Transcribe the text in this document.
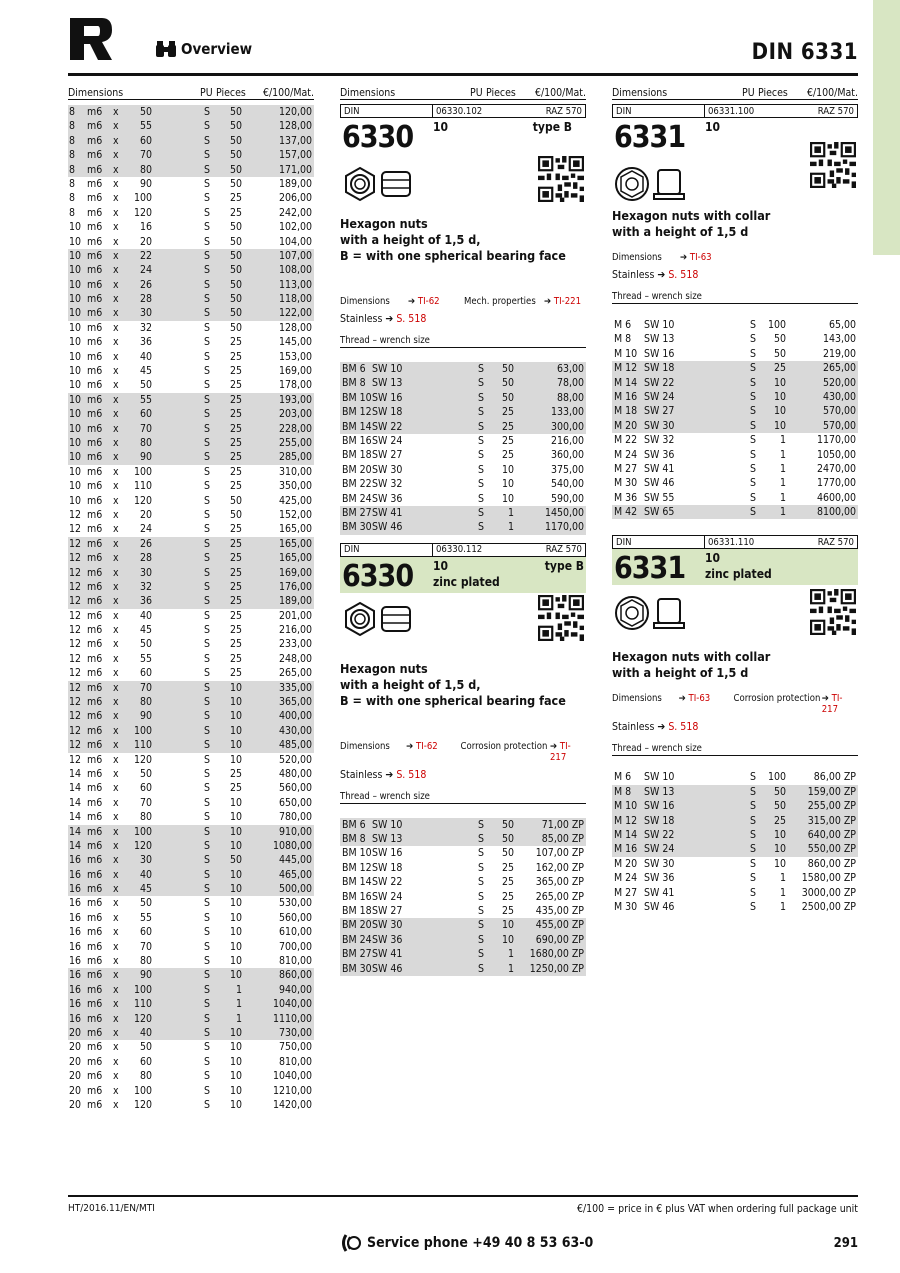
Overview	DIN 6331
Dimensions	PU Pieces €/100/Mat.
8	m6 x	50	S	50	120,00
8	m6 x	55	S	50	128,00
8	m6 x	60	S	50	137,00
8	m6 x	70	S	50	157,00
8	m6 x	80	S	50	171,00
8	m6 x	90	S	50	189,00
8	m6 x	100	S	25	206,00
8	m6 x	120	S	25	242,00
10 m6 x	16	S	50	102,00
10 m6 x	20	S	50	104,00
10 m6 x	22	S	50	107,00
10 m6 x	24	S	50	108,00
10 m6 x	26	S	50	113,00
10 m6 x	28	S	50	118,00
10 m6 x	30	S	50	122,00
10 m6 x	32	S	50	128,00
10 m6 x	36	S	25	145,00
10 m6 x	40	S	25	153,00
10 m6 x	45	S	25	169,00
10 m6 x	50	S	25	178,00
10 m6 x	55	S	25	193,00
10 m6 x	60	S	25	203,00
10 m6 x	70	S	25	228,00
10 m6 x	80	S	25	255,00
10 m6 x	90	S	25	285,00
10 m6 x	100	S	25	310,00
10 m6 x	110	S	25	350,00
10 m6 x	120	S	50	425,00
12 m6 x	20	S	50	152,00
12 m6 x	24	S	25	165,00
12 m6 x	26	S	25	165,00
12 m6 x	28	S	25	165,00
12 m6 x	30	S	25	169,00
12 m6 x	32	S	25	176,00
12 m6 x	36	S	25	189,00
12 m6 x	40	S	25	201,00
12 m6 x	45	S	25	216,00
12 m6 x	50	S	25	233,00
12 m6 x	55	S	25	248,00
12 m6 x	60	S	25	265,00
12 m6 x	70	S	10	335,00
12 m6 x	80	S	10	365,00
12 m6 x	90	S	10	400,00
12 m6 x	100	S	10	430,00
12 m6 x	110	S	10	485,00
12 m6 x	120	S	10	520,00
14 m6 x	50	S	25	480,00
14 m6 x	60	S	25	560,00
14 m6 x	70	S	10	650,00
14 m6 x	80	S	10	780,00
14 m6 x	100	S	10	910,00
14 m6 x	120	S	10	1080,00
16 m6 x	30	S	50	445,00
16 m6 x	40	S	10	465,00
16 m6 x	45	S	10	500,00
16 m6 x	50	S	10	530,00
16 m6 x	55	S	10	560,00
16 m6 x	60	S	10	610,00
16 m6 x	70	S	10	700,00
16 m6 x	80	S	10	810,00
16 m6 x	90	S	10	860,00
16 m6 x	100	S	1	940,00
16 m6 x	110	S	1	1040,00
16 m6 x	120	S	1	1110,00
20 m6 x	40	S	10	730,00
20 m6 x	50	S	10	750,00
20 m6 x	60	S	10	810,00
20 m6 x	80	S	10	1040,00
20 m6 x	100	S	10	1210,00
20 m6 x	120	S	10	1420,00
Dimensions	PU Pieces €/100/Mat.
DIN	06330.102	RAZ 570
6330 10	type B
Hexagon nuts
with a height of 1,5 d,
B = with one spherical bearing face
Dimensions	➔ TI-62	Mech. properties ➔ TI-221
Stainless ➔ S. 518
Thread – wrench size
BM 6 SW 10	S	50	63,00
BM 8 SW 13	S	50	78,00
BM 10 SW 16	S	50	88,00
BM 12 SW 18	S	25	133,00
BM 14 SW 22	S	25	300,00
BM 16 SW 24	S	25	216,00
BM 18 SW 27	S	25	360,00
BM 20 SW 30	S	10	375,00
BM 22 SW 32	S	10	540,00
BM 24 SW 36	S	10	590,00
BM 27 SW 41	S	1	1450,00
BM 30 SW 46	S	1	1170,00
DIN	06330.112	RAZ 570
6330 10	type B
zinc plated
Hexagon nuts
with a height of 1,5 d,
B = with one spherical bearing face
Dimensions	➔ TI-62	Corrosion protection ➔ TI-217
Stainless ➔ S. 518
Thread – wrench size
BM 6 SW 10	S	50	71,00 ZP
BM 8 SW 13	S	50	85,00 ZP
BM 10 SW 16	S	50 107,00 ZP
BM 12 SW 18	S	25 162,00 ZP
BM 14 SW 22	S	25 365,00 ZP
BM 16 SW 24	S	25 265,00 ZP
BM 18 SW 27	S	25 435,00 ZP
BM 20 SW 30	S	10 455,00 ZP
BM 24 SW 36	S	10 690,00 ZP
BM 27 SW 41	S	1 1680,00 ZP
BM 30 SW 46	S	1 1250,00 ZP
Dimensions	PU Pieces €/100/Mat.
DIN	06331.100	RAZ 570
6331 10
Hexagon nuts with collar
with a height of 1,5 d
Dimensions	➔ TI-63
Stainless ➔ S. 518
Thread – wrench size
M 6 SW 10	S	100	65,00
M 8 SW 13	S	50	143,00
M 10 SW 16	S	50	219,00
M 12 SW 18	S	25	265,00
M 14 SW 22	S	10	520,00
M 16 SW 24	S	10	430,00
M 18 SW 27	S	10	570,00
M 20 SW 30	S	10	570,00
M 22 SW 32	S	1	1170,00
M 24 SW 36	S	1	1050,00
M 27 SW 41	S	1	2470,00
M 30 SW 46	S	1	1770,00
M 36 SW 55	S	1	4600,00
M 42 SW 65	S	1	8100,00
DIN	06331.110	RAZ 570
6331 10
zinc plated
Hexagon nuts with collar
with a height of 1,5 d
Dimensions	➔ TI-63	Corrosion protection ➔ TI-217
Stainless ➔ S. 518
Thread – wrench size
M 6 SW 10	S	100	86,00 ZP
M 8 SW 13	S	50 159,00 ZP
M 10 SW 16	S	50 255,00 ZP
M 12 SW 18	S	25 315,00 ZP
M 14 SW 22	S	10 640,00 ZP
M 16 SW 24	S	10 550,00 ZP
M 20 SW 30	S	10 860,00 ZP
M 24 SW 36	S	1 1580,00 ZP
M 27 SW 41	S	1 3000,00 ZP
M 30 SW 46	S	1 2500,00 ZP
HT/2016.11/EN/MTI	€/100 = price in € plus VAT when ordering full package unit
Service phone +49 40 8 53 63-0	291
